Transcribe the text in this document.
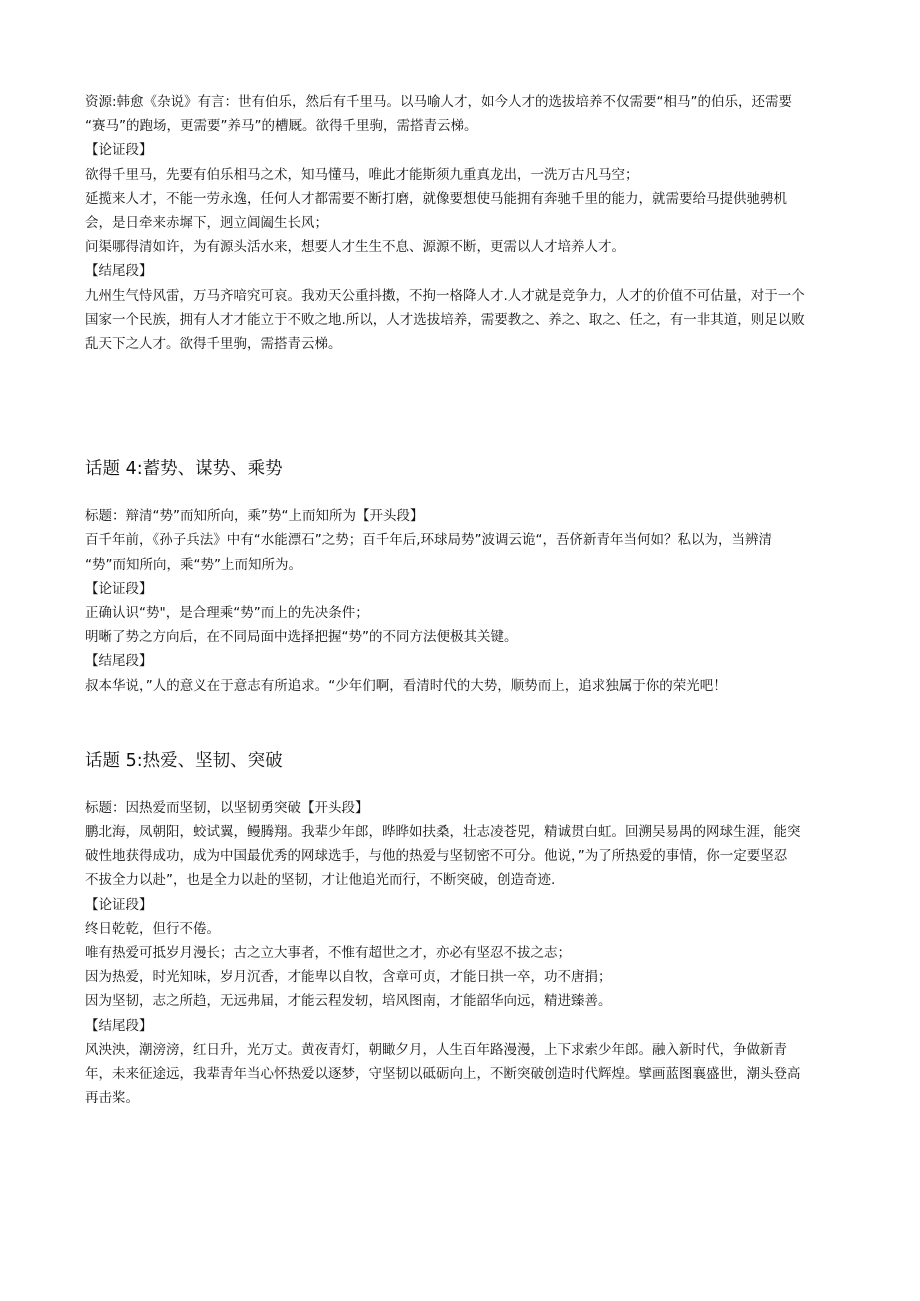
资源:韩愈《杂说》有言：世有伯乐，然后有千里马。以马喻人才，如今人才的选拔培养不仅需要“相马”的伯乐，还需要

“赛马”的跑场，更需要”养马”的槽厩。欲得千里驹，需搭青云梯。

【论证段】

欲得千里马，先要有伯乐相马之术，知马懂马，唯此才能斯须九重真龙出，一洗万古凡马空；

延揽来人才，不能一劳永逸，任何人才都需要不断打磨，就像要想使马能拥有奔驰千里的能力，就需要给马提供驰骋机

会，是日牵来赤墀下，迥立阊阖生长风；

问渠哪得清如许，为有源头活水来，想要人才生生不息、源源不断，更需以人才培养人才。

【结尾段】

九州生气恃风雷，万马齐喑究可哀。我劝天公重抖擞，不拘一格降人才.人才就是竞争力，人才的价值不可估量，对于一个

国家一个民族，拥有人才才能立于不败之地.所以，人才选拔培养，需要教之、养之、取之、任之，有一非其道，则足以败

乱天下之人才。欲得千里驹，需搭青云梯。

话题 4:蓄势、谋势、乘势

标题：辩清“势”而知所向，乘”势“上而知所为【开头段】

百千年前，《孙子兵法》中有“水能漂石”之势；百千年后,环球局势”波调云诡“，吾侪新青年当何如？私以为，当辨清

“势”而知所向，乘“势”上而知所为。

【论证段】

正确认识“势"，是合理乘“势”而上的先决条件；

明晰了势之方向后，在不同局面中选择把握“势”的不同方法便极其关键。

【结尾段】

叔本华说，”人的意义在于意志有所追求。“少年们啊，看清时代的大势，顺势而上，追求独属于你的荣光吧！

话题 5:热爱、坚韧、突破

标题：因热爱而坚韧，以坚韧勇突破【开头段】

鹏北海，凤朝阳，蛟试翼，鳗腾翔。我辈少年郎，晔晔如扶桑，壮志凌苍兕，精诚贯白虹。回溯吴易禺的网球生涯，能突

破性地获得成功，成为中国最优秀的网球选手，与他的热爱与坚韧密不可分。他说，”为了所热爱的事情，你一定要坚忍

不拔全力以赴”，也是全力以赴的坚韧，才让他追光而行，不断突破，创造奇迹.

【论证段】

终日乾乾，但行不倦。

唯有热爱可抵岁月漫长；古之立大事者，不惟有超世之才，亦必有坚忍不拔之志；

因为热爱，时光知味，岁月沉香，才能卑以自牧，含章可贞，才能日拱一卒，功不唐捐；

因为坚韧，志之所趋，无远弗届，才能云程发轫，培风图南，才能韶华向远，精进臻善。

【结尾段】

风泱泱，潮滂滂，红日升，光万丈。黄夜青灯，朝瞰夕月，人生百年路漫漫，上下求索少年郎。融入新时代，争做新青

年，未来征途远，我辈青年当心怀热爱以逐梦，守坚韧以砥砺向上，不断突破创造时代辉煌。擘画蓝图襄盛世，潮头登高

再击桨。
